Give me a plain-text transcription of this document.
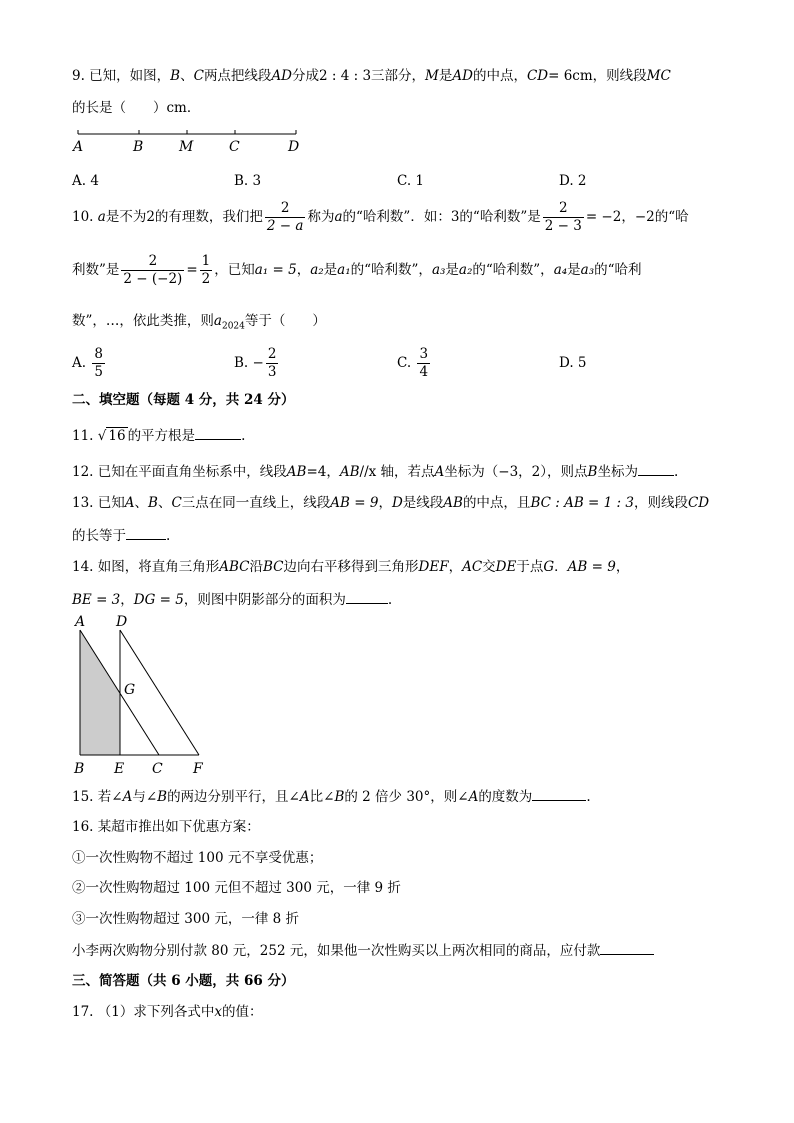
9. 已知，如图，B、C两点把线段AD分成2 : 4 : 3三部分，M是AD的中点，CD= 6cm，则线段MC
的长是（　　）cm．
A	B	M	C	D
A. 4	B. 3	C. 1	D. 2
10. a是不为2的有理数，我们把 $\frac{2}{2 - a}$ 称为a的“哈利数”．如：3的“哈利数”是 $\frac{2}{2 - 3} = -2$，−2的“哈
利数”是 $\frac{2}{2 - (-2)} = \frac{1}{2}$ ，已知a₁ = 5，a₂是a₁的“哈利数”，a₃是a₂的“哈利数”，a₄是a₃的“哈利
数”，…，依此类推，则$a_{2024}$等于（　　）
A. $\frac{8}{5}$	B. − $\frac{2}{3}$	C. $\frac{3}{4}$	D. 5
二、填空题（每题 4 分，共 24 分）
11. √ 16 的平方根是	.
12. 已知在平面直角坐标系中，线段AB=4，AB//x 轴，若点A坐标为（−3，2），则点B坐标为	.
13. 已知A、B、C三点在同一直线上，线段AB = 9，D是线段AB的中点，且BC : AB = 1 : 3，则线段CD
的长等于	.
14. 如图，将直角三角形ABC沿BC边向右平移得到三角形DEF，AC交DE于点G．AB = 9，
BE = 3，DG = 5，则图中阴影部分的面积为	.
A D
G
B E C F
15. 若∠A与∠B的两边分别平行，且∠A比∠B的 2 倍少 30°，则∠A的度数为	.
16. 某超市推出如下优惠方案：
①一次性购物不超过 100 元不享受优惠；
②一次性购物超过 100 元但不超过 300 元，一律 9 折
③一次性购物超过 300 元，一律 8 折
小李两次购物分别付款 80 元，252 元，如果他一次性购买以上两次相同的商品，应付款
三、简答题（共 6 小题，共 66 分）
17. （1）求下列各式中x的值：
